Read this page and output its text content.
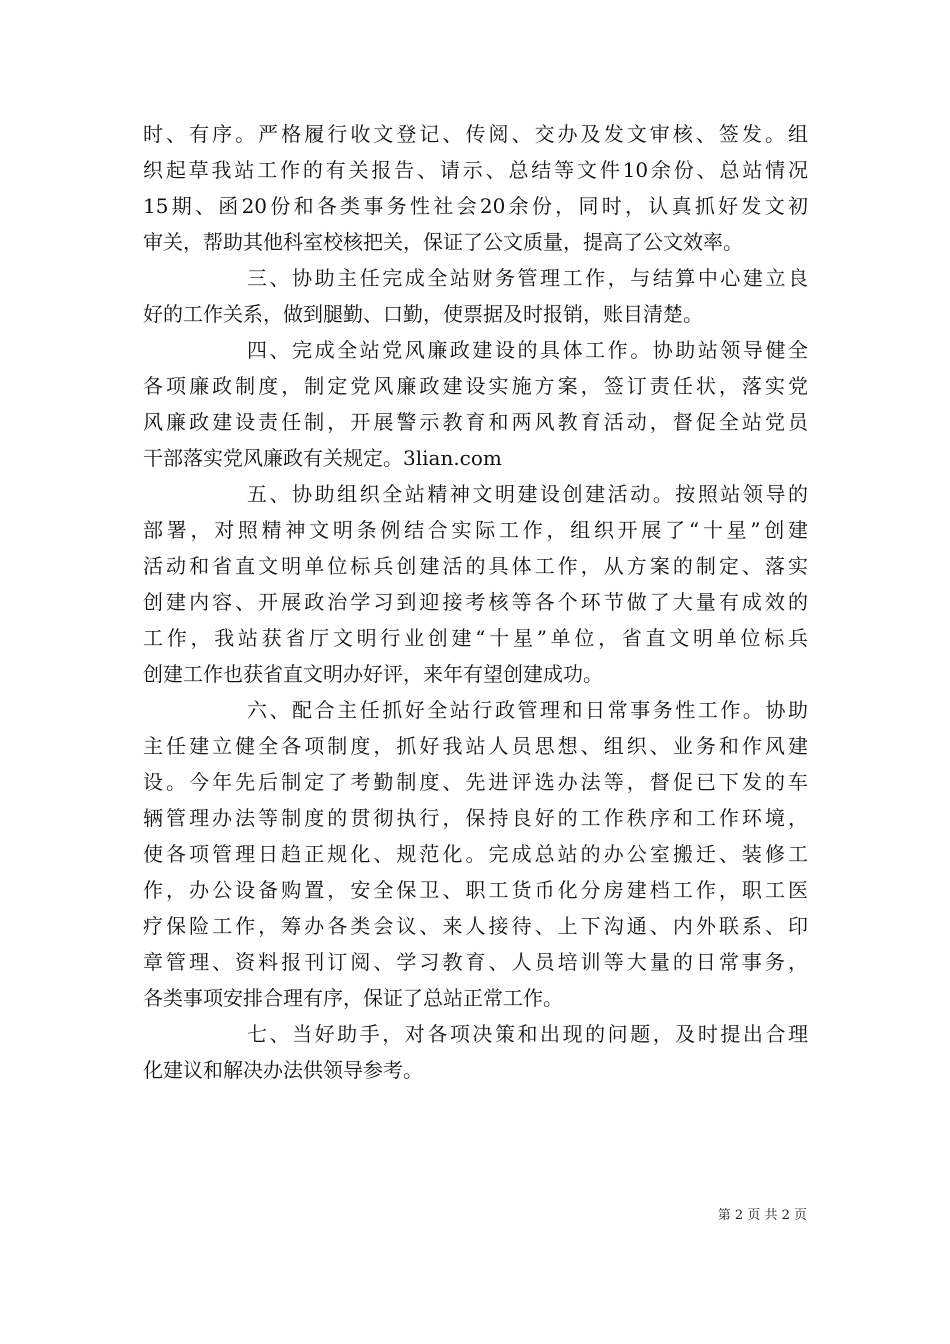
时、有序。严格履行收文登记、传阅、交办及发文审核、签发。组
织起草我站工作的有关报告、请示、总结等文件10余份、总站情况
15期、函20份和各类事务性社会20余份，同时，认真抓好发文初
审关，帮助其他科室校核把关，保证了公文质量，提高了公文效率。
三、协助主任完成全站财务管理工作，与结算中心建立良
好的工作关系，做到腿勤、口勤，使票据及时报销，账目清楚。
四、完成全站党风廉政建设的具体工作。协助站领导健全
各项廉政制度，制定党风廉政建设实施方案，签订责任状，落实党
风廉政建设责任制，开展警示教育和两风教育活动，督促全站党员
干部落实党风廉政有关规定。3lian.com
五、协助组织全站精神文明建设创建活动。按照站领导的
部署，对照精神文明条例结合实际工作，组织开展了“十星”创建
活动和省直文明单位标兵创建活的具体工作，从方案的制定、落实
创建内容、开展政治学习到迎接考核等各个环节做了大量有成效的
工作，我站获省厅文明行业创建“十星”单位，省直文明单位标兵
创建工作也获省直文明办好评，来年有望创建成功。
六、配合主任抓好全站行政管理和日常事务性工作。协助
主任建立健全各项制度，抓好我站人员思想、组织、业务和作风建
设。今年先后制定了考勤制度、先进评选办法等，督促已下发的车
辆管理办法等制度的贯彻执行，保持良好的工作秩序和工作环境，
使各项管理日趋正规化、规范化。完成总站的办公室搬迁、装修工
作，办公设备购置，安全保卫、职工货币化分房建档工作，职工医
疗保险工作，筹办各类会议、来人接待、上下沟通、内外联系、印
章管理、资料报刊订阅、学习教育、人员培训等大量的日常事务，
各类事项安排合理有序，保证了总站正常工作。
七、当好助手，对各项决策和出现的问题，及时提出合理
化建议和解决办法供领导参考。
第 2 页 共 2 页
